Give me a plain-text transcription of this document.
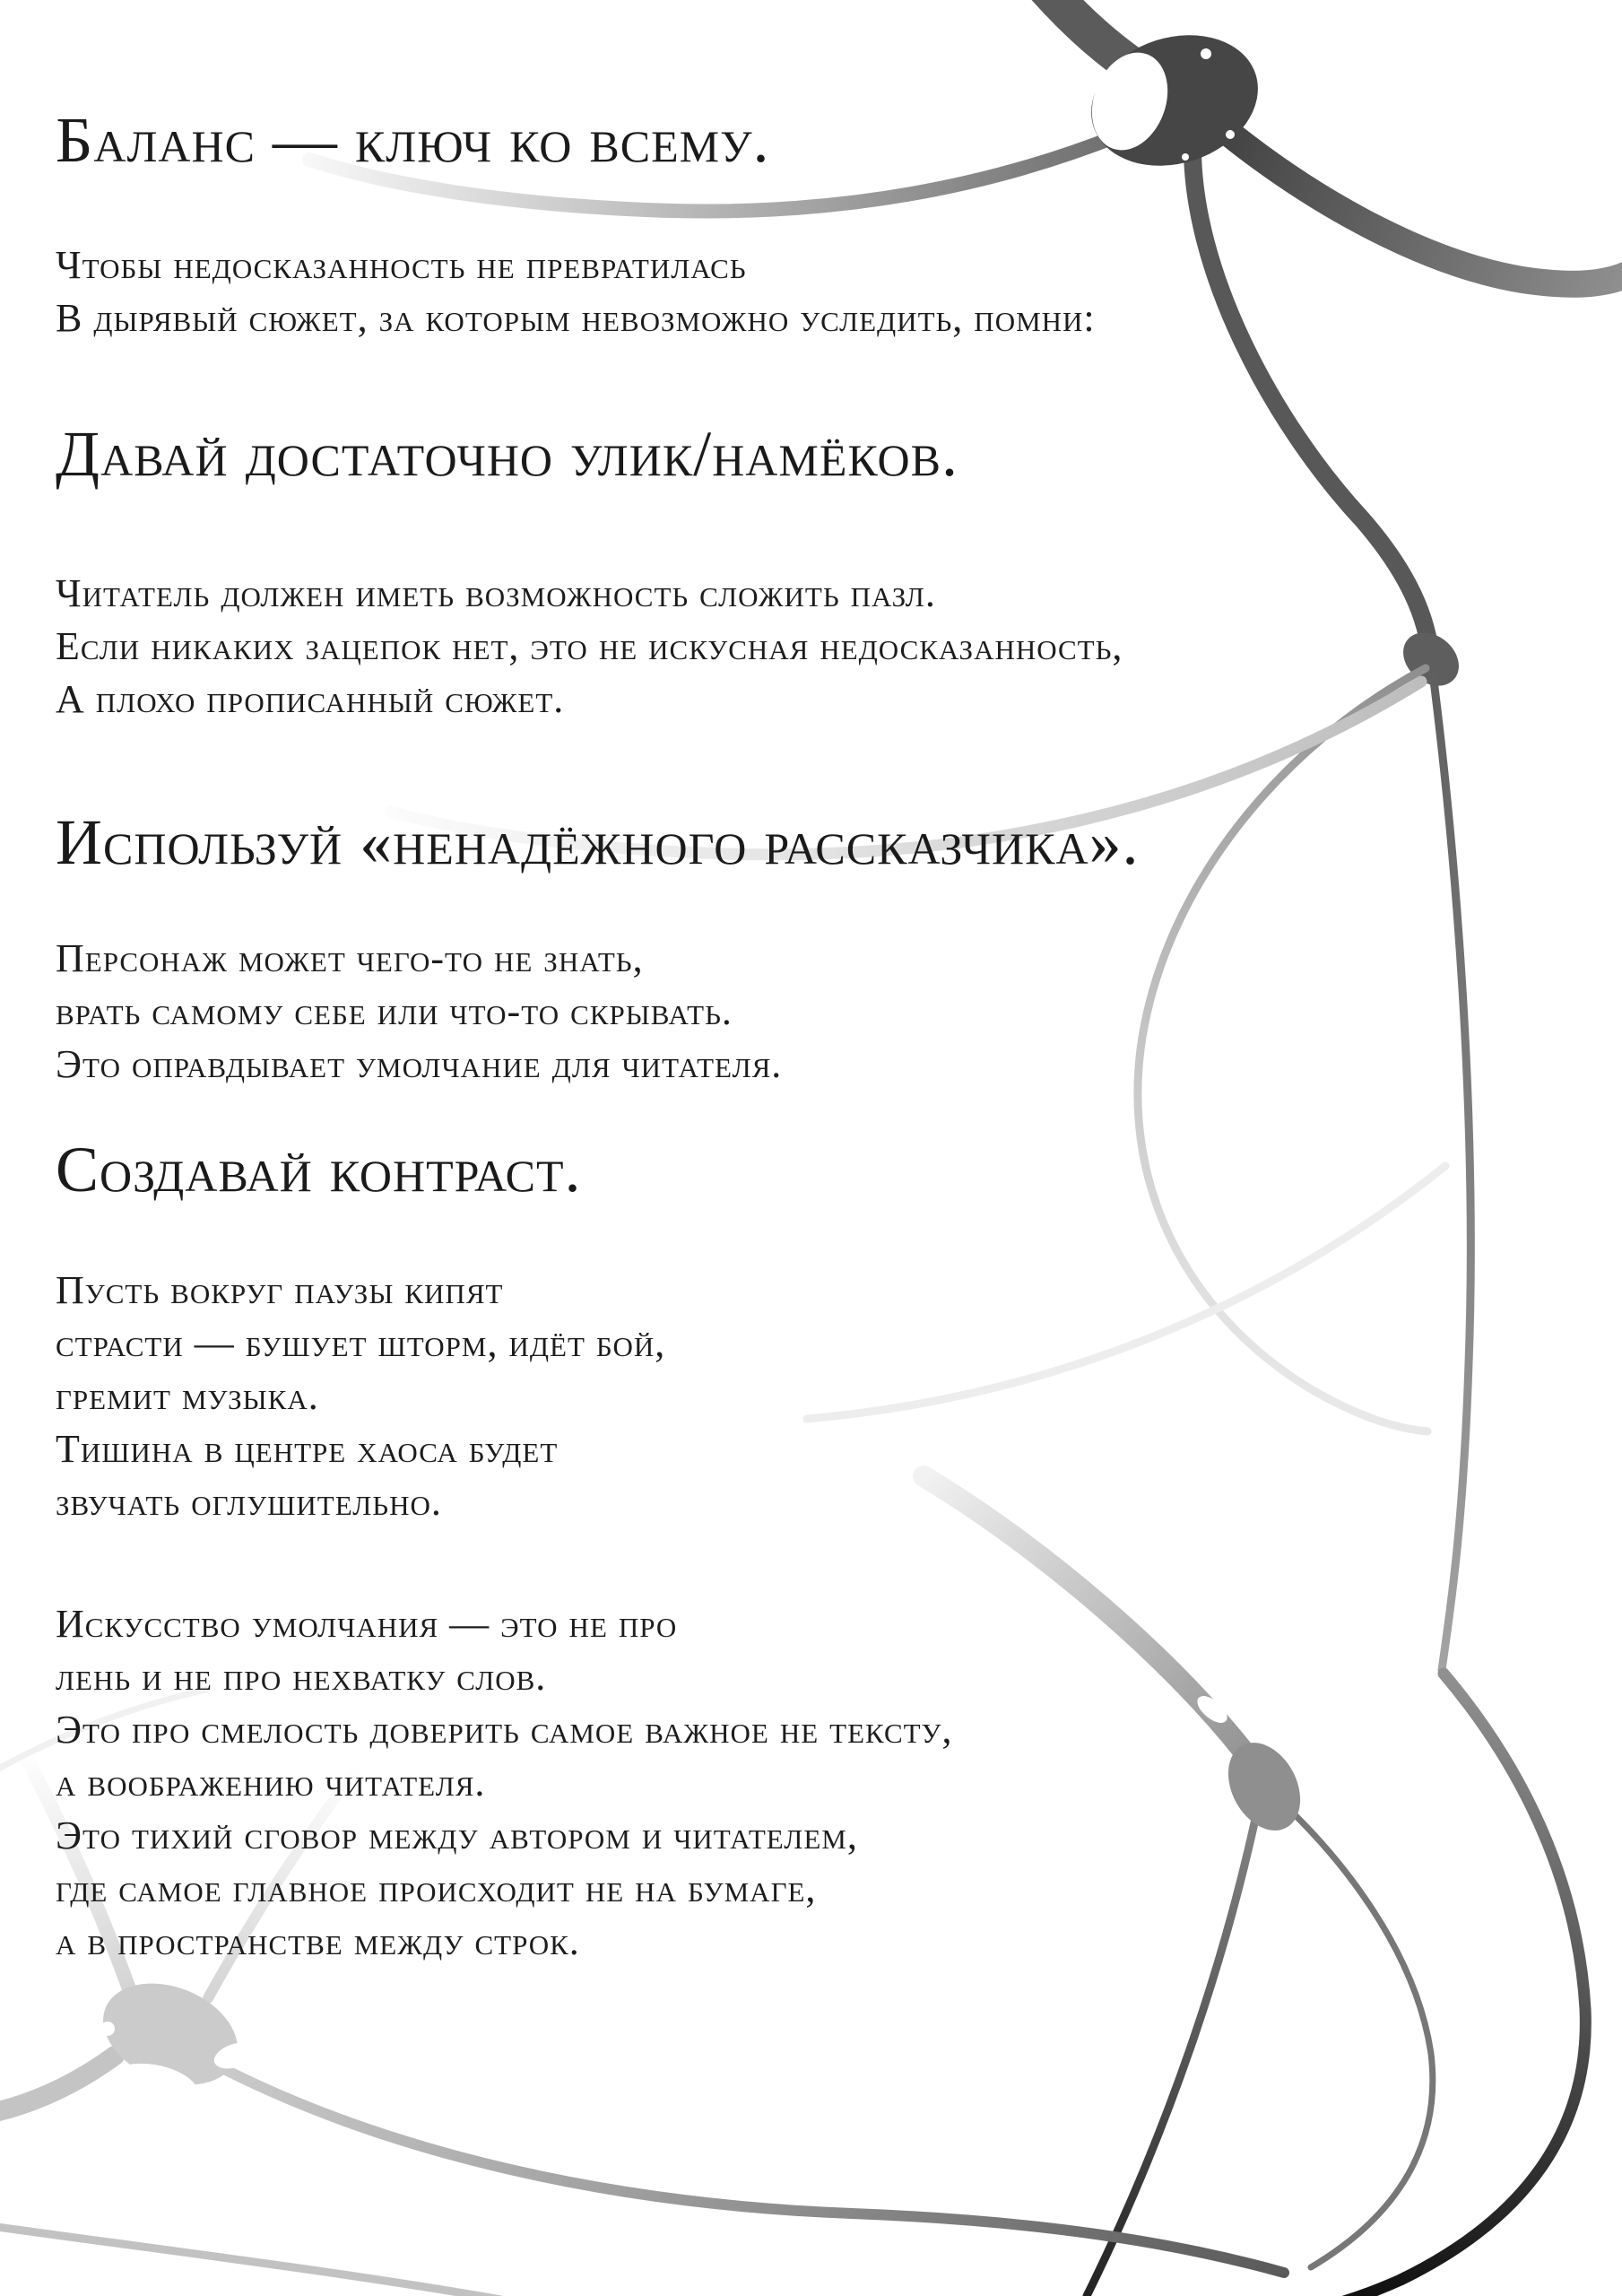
Баланс — ключ ко всему.
Чтобы недосказанность не превратилась
В дырявый сюжет, за которым невозможно уследить, помни:
Давай достаточно улик/намёков.
Читатель должен иметь возможность сложить пазл.
Если никаких зацепок нет, это не искусная недосказанность,
А плохо прописанный сюжет.
Используй «ненадёжного рассказчика».
Персонаж может чего-то не знать,
врать самому себе или что-то скрывать.
Это оправдывает умолчание для читателя.
Создавай контраст.
Пусть вокруг паузы кипят
страсти — бушует шторм, идёт бой,
гремит музыка.
Тишина в центре хаоса будет
звучать оглушительно.
Искусство умолчания — это не про
лень и не про нехватку слов.
Это про смелость доверить самое важное не тексту,
а воображению читателя.
Это тихий сговор между автором и читателем,
где самое главное происходит не на бумаге,
а в пространстве между строк.
